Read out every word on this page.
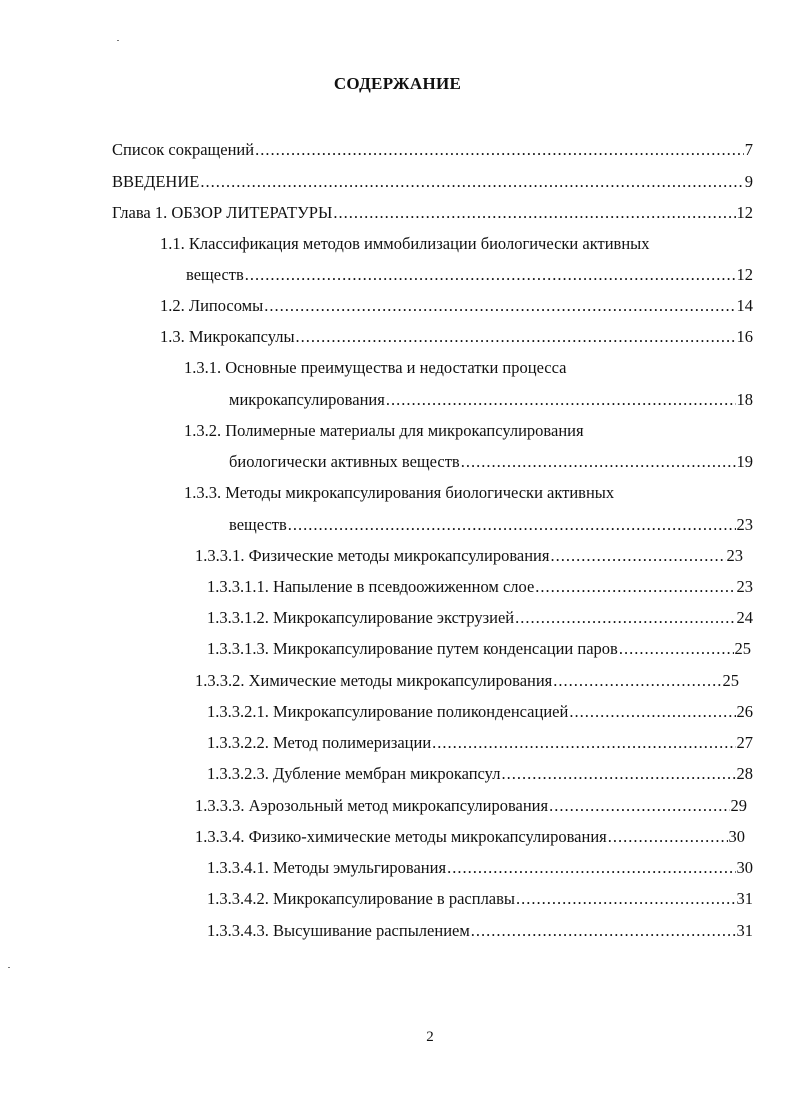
СОДЕРЖАНИЕ
Список сокращений .....	7
ВВЕДЕНИЕ .....	9
Глава 1. ОБЗОР ЛИТЕРАТУРЫ .....	12
1.1. Классификация методов иммобилизации биологически активных
веществ .....	12
1.2. Липосомы .....	14
1.3. Микрокапсулы .....	16
1.3.1. Основные преимущества и недостатки процесса
микрокапсулирования .....	18
1.3.2. Полимерные материалы для микрокапсулирования
биологически активных веществ .....	19
1.3.3. Методы микрокапсулирования биологически активных
веществ .....	23
1.3.3.1. Физические методы микрокапсулирования .....	23
1.3.3.1.1. Напыление в псевдоожиженном слое .....	23
1.3.3.1.2. Микрокапсулирование экструзией .....	24
1.3.3.1.3. Микрокапсулирование путем конденсации паров .....	25
1.3.3.2. Химические методы микрокапсулирования .....	25
1.3.3.2.1. Микрокапсулирование поликонденсацией .....	26
1.3.3.2.2. Метод полимеризации .....	27
1.3.3.2.3. Дубление мембран микрокапсул .....	28
1.3.3.3. Аэрозольный метод микрокапсулирования .....	29
1.3.3.4. Физико-химические методы микрокапсулирования .....	30
1.3.3.4.1. Методы эмульгирования .....	30
1.3.3.4.2. Микрокапсулирование в расплавы .....	31
1.3.3.4.3. Высушивание распылением .....	31
2
